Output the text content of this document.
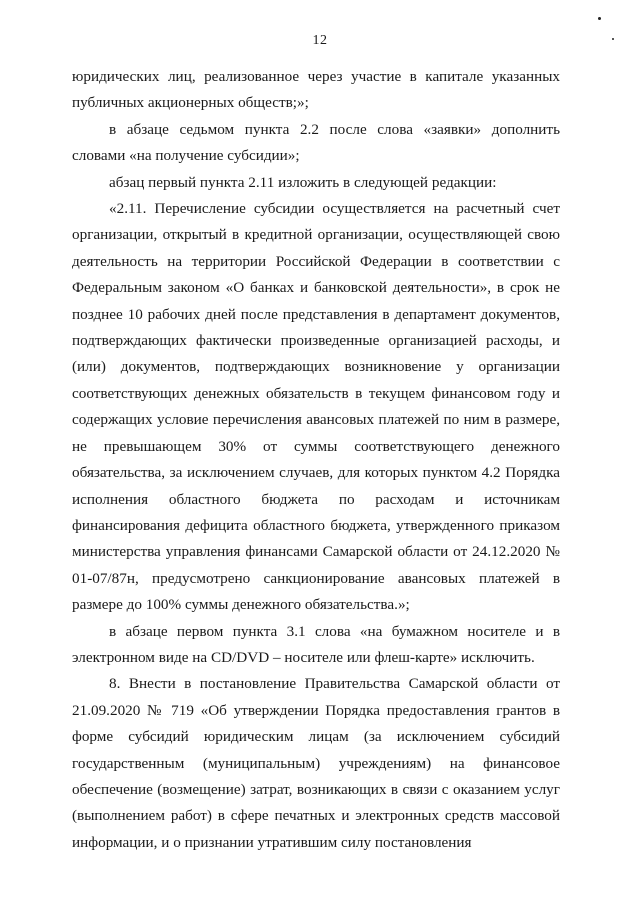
12

юридических лиц, реализованное через участие в капитале указанных публичных акционерных обществ;»;

в абзаце седьмом пункта 2.2 после слова «заявки» дополнить словами «на получение субсидии»;

абзац первый пункта 2.11 изложить в следующей редакции:

«2.11. Перечисление субсидии осуществляется на расчетный счет организации, открытый в кредитной организации, осуществляющей свою деятельность на территории Российской Федерации в соответствии с Федеральным законом «О банках и банковской деятельности», в срок не позднее 10 рабочих дней после представления в департамент документов, подтверждающих фактически произведенные организацией расходы, и (или) документов, подтверждающих возникновение у организации соответствующих денежных обязательств в текущем финансовом году и содержащих условие перечисления авансовых платежей по ним в размере, не превышающем 30% от суммы соответствующего денежного обязательства, за исключением случаев, для которых пунктом 4.2 Порядка исполнения областного бюджета по расходам и источникам финансирования дефицита областного бюджета, утвержденного приказом министерства управления финансами Самарской области от 24.12.2020 № 01-07/87н, предусмотрено санкционирование авансовых платежей в размере до 100% суммы денежного обязательства.»;

в абзаце первом пункта 3.1 слова «на бумажном носителе и в электронном виде на CD/DVD – носителе или флеш-карте» исключить.

8. Внести в постановление Правительства Самарской области от 21.09.2020 № 719 «Об утверждении Порядка предоставления грантов в форме субсидий юридическим лицам (за исключением субсидий государственным (муниципальным) учреждениям) на финансовое обеспечение (возмещение) затрат, возникающих в связи с оказанием услуг (выполнением работ) в сфере печатных и электронных средств массовой информации, и о признании утратившим силу постановления
